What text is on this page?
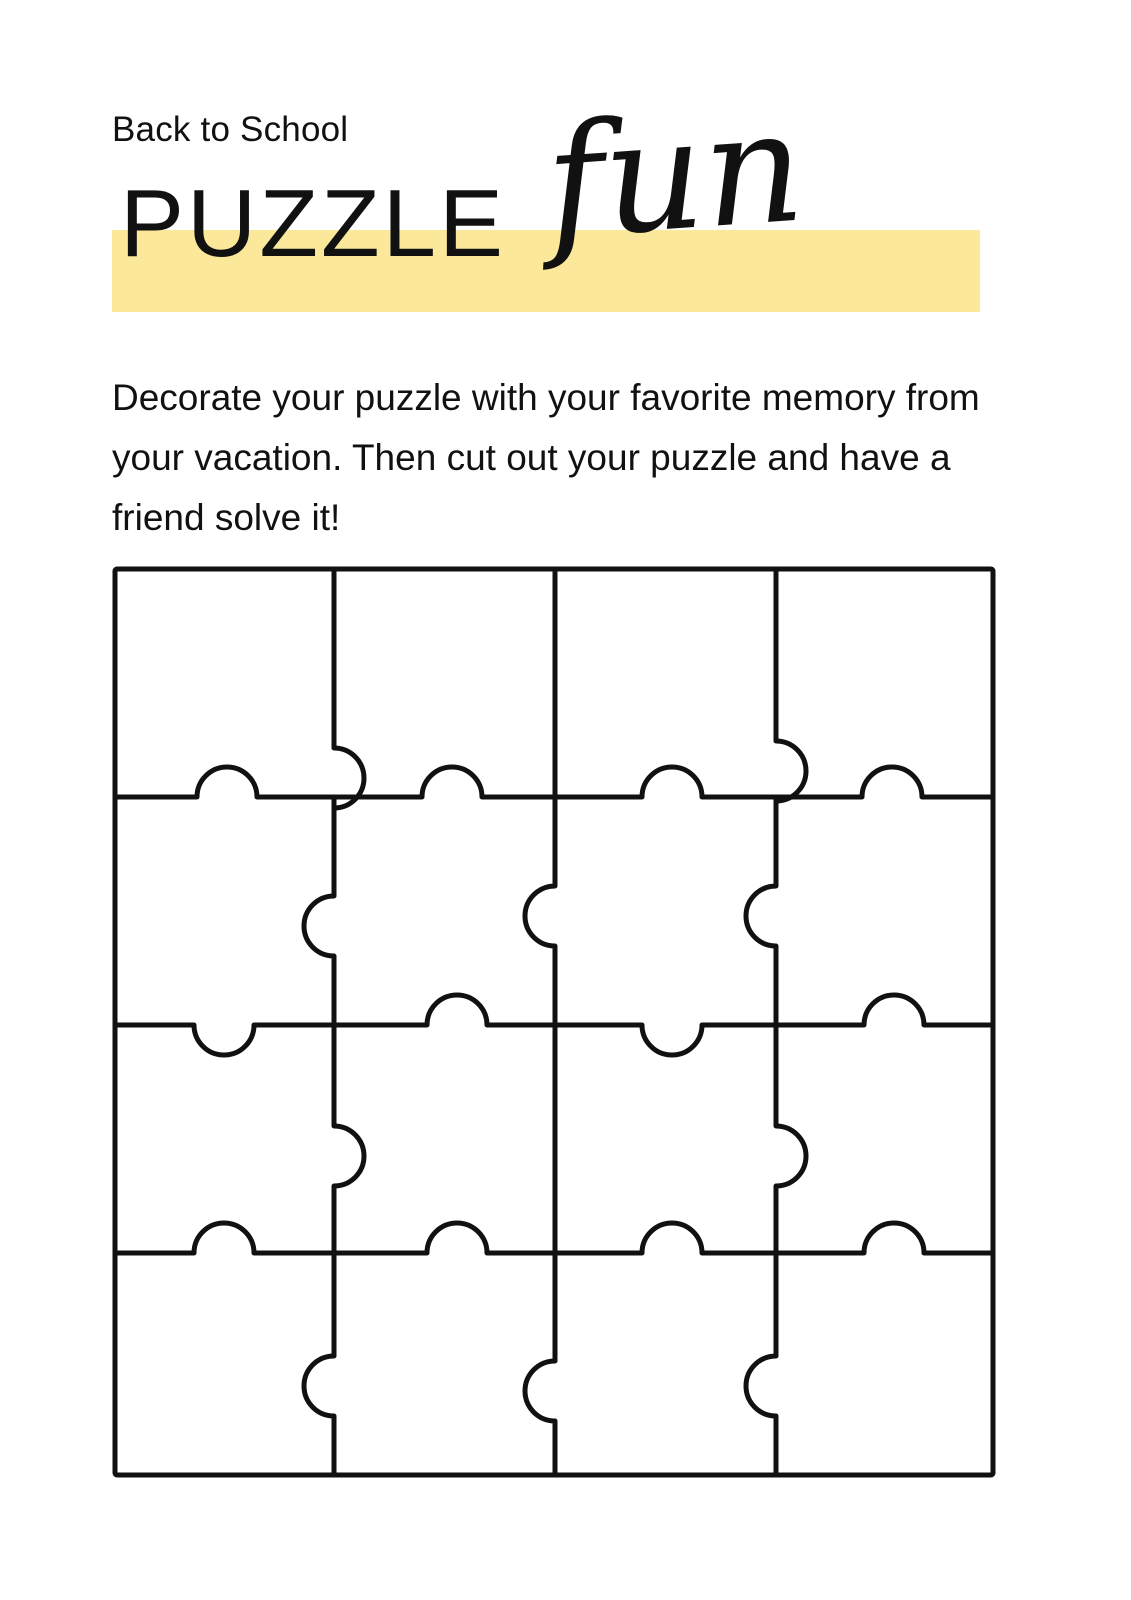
Back to School
PUZZLE fun
Decorate your puzzle with your favorite memory from your vacation. Then cut out your puzzle and have a friend solve it!
